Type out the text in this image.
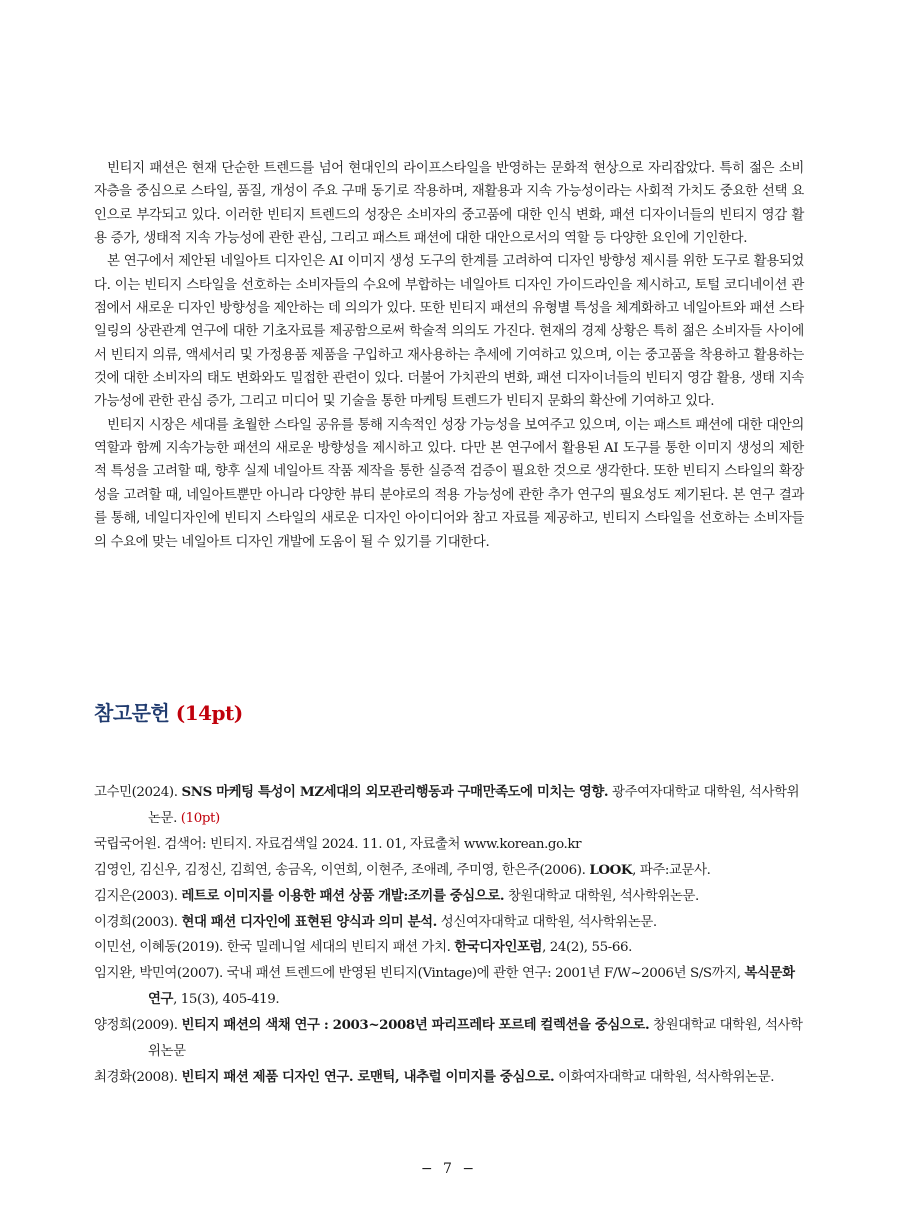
빈티지 패션은 현재 단순한 트렌드를 넘어 현대인의 라이프스타일을 반영하는 문화적 현상으로 자리잡았다. 특히 젊은 소비자층을 중심으로 스타일, 품질, 개성이 주요 구매 동기로 작용하며, 재활용과 지속 가능성이라는 사회적 가치도 중요한 선택 요인으로 부각되고 있다. 이러한 빈티지 트렌드의 성장은 소비자의 중고품에 대한 인식 변화, 패션 디자이너들의 빈티지 영감 활용 증가, 생태적 지속 가능성에 관한 관심, 그리고 패스트 패션에 대한 대안으로서의 역할 등 다양한 요인에 기인한다.

본 연구에서 제안된 네일아트 디자인은 AI 이미지 생성 도구의 한계를 고려하여 디자인 방향성 제시를 위한 도구로 활용되었다. 이는 빈티지 스타일을 선호하는 소비자들의 수요에 부합하는 네일아트 디자인 가이드라인을 제시하고, 토털 코디네이션 관점에서 새로운 디자인 방향성을 제안하는 데 의의가 있다. 또한 빈티지 패션의 유형별 특성을 체계화하고 네일아트와 패션 스타일링의 상관관계 연구에 대한 기초자료를 제공함으로써 학술적 의의도 가진다. 현재의 경제 상황은 특히 젊은 소비자들 사이에서 빈티지 의류, 액세서리 및 가정용품 제품을 구입하고 재사용하는 추세에 기여하고 있으며, 이는 중고품을 착용하고 활용하는 것에 대한 소비자의 태도 변화와도 밀접한 관련이 있다. 더불어 가치관의 변화, 패션 디자이너들의 빈티지 영감 활용, 생태 지속 가능성에 관한 관심 증가, 그리고 미디어 및 기술을 통한 마케팅 트렌드가 빈티지 문화의 확산에 기여하고 있다.

빈티지 시장은 세대를 초월한 스타일 공유를 통해 지속적인 성장 가능성을 보여주고 있으며, 이는 패스트 패션에 대한 대안의 역할과 함께 지속가능한 패션의 새로운 방향성을 제시하고 있다. 다만 본 연구에서 활용된 AI 도구를 통한 이미지 생성의 제한적 특성을 고려할 때, 향후 실제 네일아트 작품 제작을 통한 실증적 검증이 필요한 것으로 생각한다. 또한 빈티지 스타일의 확장성을 고려할 때, 네일아트뿐만 아니라 다양한 뷰티 분야로의 적용 가능성에 관한 추가 연구의 필요성도 제기된다. 본 연구 결과를 통해, 네일디자인에 빈티지 스타일의 새로운 디자인 아이디어와 참고 자료를 제공하고, 빈티지 스타일을 선호하는 소비자들의 수요에 맞는 네일아트 디자인 개발에 도움이 될 수 있기를 기대한다.

참고문헌 (14pt)
고수민(2024). SNS 마케팅 특성이 MZ세대의 외모관리행동과 구매만족도에 미치는 영향. 광주여자대학교 대학원, 석사학위논문. (10pt)
국립국어원. 검색어: 빈티지. 자료검색일 2024. 11. 01, 자료출처 www.korean.go.kr
김영인, 김신우, 김정신, 김희연, 송금옥, 이연희, 이현주, 조애례, 주미영, 한은주(2006). LOOK, 파주:교문사.
김지은(2003). 레트로 이미지를 이용한 패션 상품 개발:조끼를 중심으로. 창원대학교 대학원, 석사학위논문.
이경희(2003). 현대 패션 디자인에 표현된 양식과 의미 분석. 성신여자대학교 대학원, 석사학위논문.
이민선, 이혜동(2019). 한국 밀레니얼 세대의 빈티지 패션 가치. 한국디자인포럼, 24(2), 55-66.
임지완, 박민여(2007). 국내 패션 트렌드에 반영된 빈티지(Vintage)에 관한 연구: 2001년 F/W~2006년 S/S까지, 복식문화연구, 15(3), 405-419.
양정희(2009). 빈티지 패션의 색채 연구 : 2003~2008년 파리프레타 포르테 컬렉션을 중심으로. 창원대학교 대학원, 석사학위논문
최경화(2008). 빈티지 패션 제품 디자인 연구. 로맨틱, 내추럴 이미지를 중심으로. 이화여자대학교 대학원, 석사학위논문.
− 7 −
